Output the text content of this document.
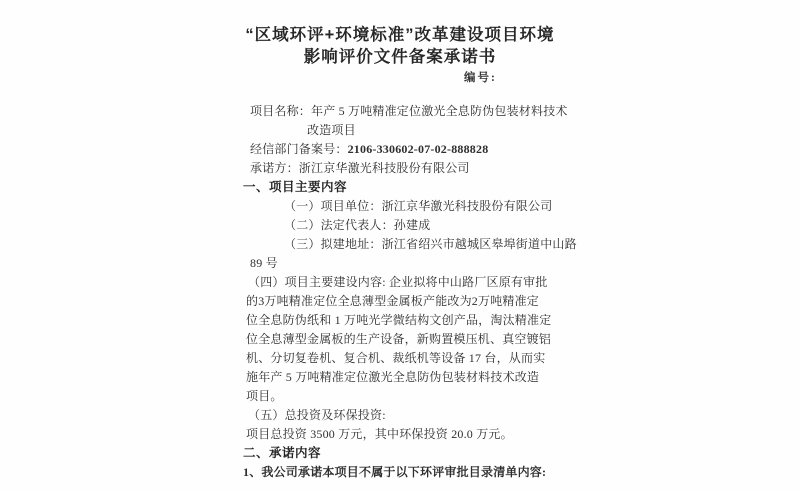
“区域环评+环境标准”改革建设项目环境
影响评价文件备案承诺书
编号:
项目名称：年产 5 万吨精准定位激光全息防伪包装材料技术
改造项目
经信部门备案号：2106-330602-07-02-888828
承诺方：浙江京华激光科技股份有限公司
一、项目主要内容
（一）项目单位：浙江京华激光科技股份有限公司
（二）法定代表人：孙建成
（三）拟建地址：浙江省绍兴市越城区皋埠街道中山路
89 号
（四）项目主要建设内容: 企业拟将中山路厂区原有审批
的3万吨精准定位全息薄型金属板产能改为2万吨精准定
位全息防伪纸和 1 万吨光学微结构文创产品，淘汰精准定
位全息薄型金属板的生产设备，新购置模压机、真空镀铝
机、分切复卷机、复合机、裁纸机等设备 17 台，从而实
施年产 5 万吨精准定位激光全息防伪包装材料技术改造
项目。
（五）总投资及环保投资:
项目总投资 3500 万元，其中环保投资 20.0 万元。
二、承诺内容
1、我公司承诺本项目不属于以下环评审批目录清单内容:
